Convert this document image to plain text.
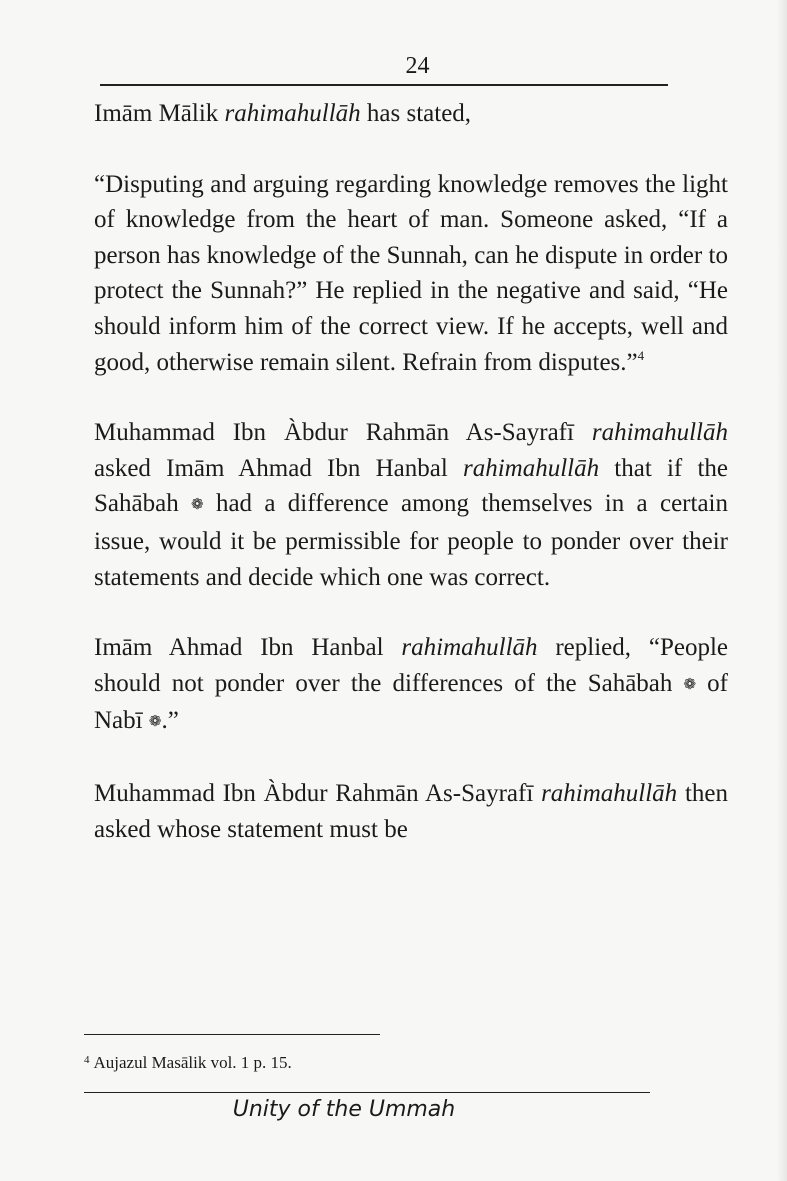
24

Imām Mālik rahimahullāh has stated,

“Disputing and arguing regarding knowledge removes the light of knowledge from the heart of man. Someone asked, “If a person has knowledge of the Sunnah, can he dispute in order to protect the Sunnah?” He replied in the negative and said, “He should inform him of the correct view. If he accepts, well and good, otherwise remain silent. Refrain from disputes.”$^4$

Muhammad Ibn Àbdur Rahmān As-Sayrafī rahimahullāh asked Imām Ahmad Ibn Hanbal rahimahullāh that if the Sahābah ❁ had a difference among themselves in a certain issue, would it be permissible for people to ponder over their statements and decide which one was correct.

Imām Ahmad Ibn Hanbal rahimahullāh replied, “People should not ponder over the differences of the Sahābah ❁ of Nabī ❁.”

Muhammad Ibn Àbdur Rahmān As-Sayrafī rahimahullāh then asked whose statement must be

$^4$ Aujazul Masālik vol. 1 p. 15.
Unity of the Ummah
